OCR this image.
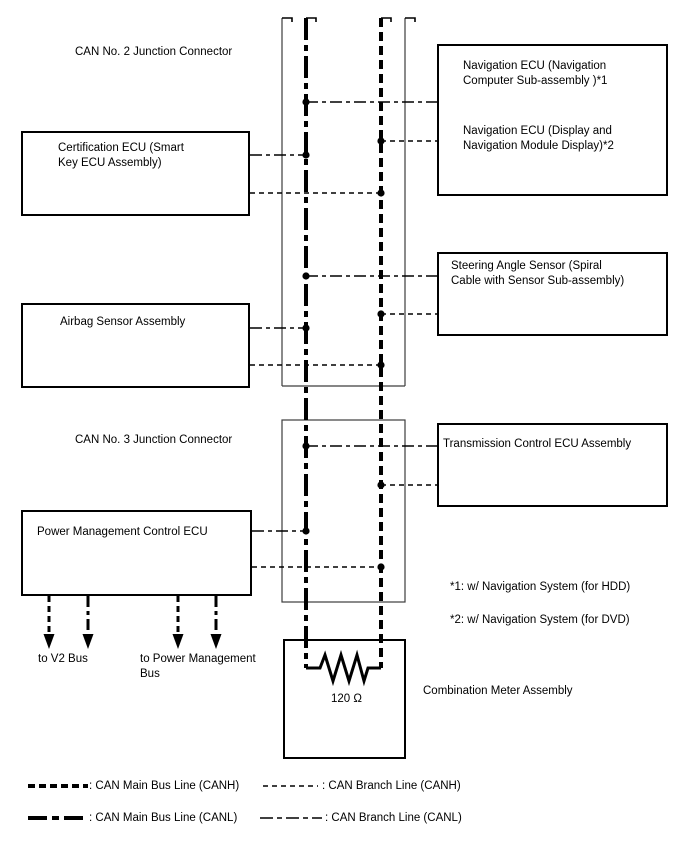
CAN No. 2 Junction Connector
CAN No. 3 Junction Connector
Certification ECU (Smart
Key ECU Assembly)
Airbag Sensor Assembly
Power Management Control ECU
Navigation ECU (Navigation
Computer Sub-assembly )*1
Navigation ECU (Display and
Navigation Module Display)*2
Steering Angle Sensor (Spiral
Cable with Sensor Sub-assembly)
Transmission Control ECU Assembly
120 Ω
Combination Meter Assembly
*1: w/ Navigation System (for HDD)
*2: w/ Navigation System (for DVD)
to V2 Bus	to Power Management
Bus
: CAN Main Bus Line (CANH)	: CAN Branch Line (CANH)
: CAN Main Bus Line (CANL)	: CAN Branch Line (CANL)
